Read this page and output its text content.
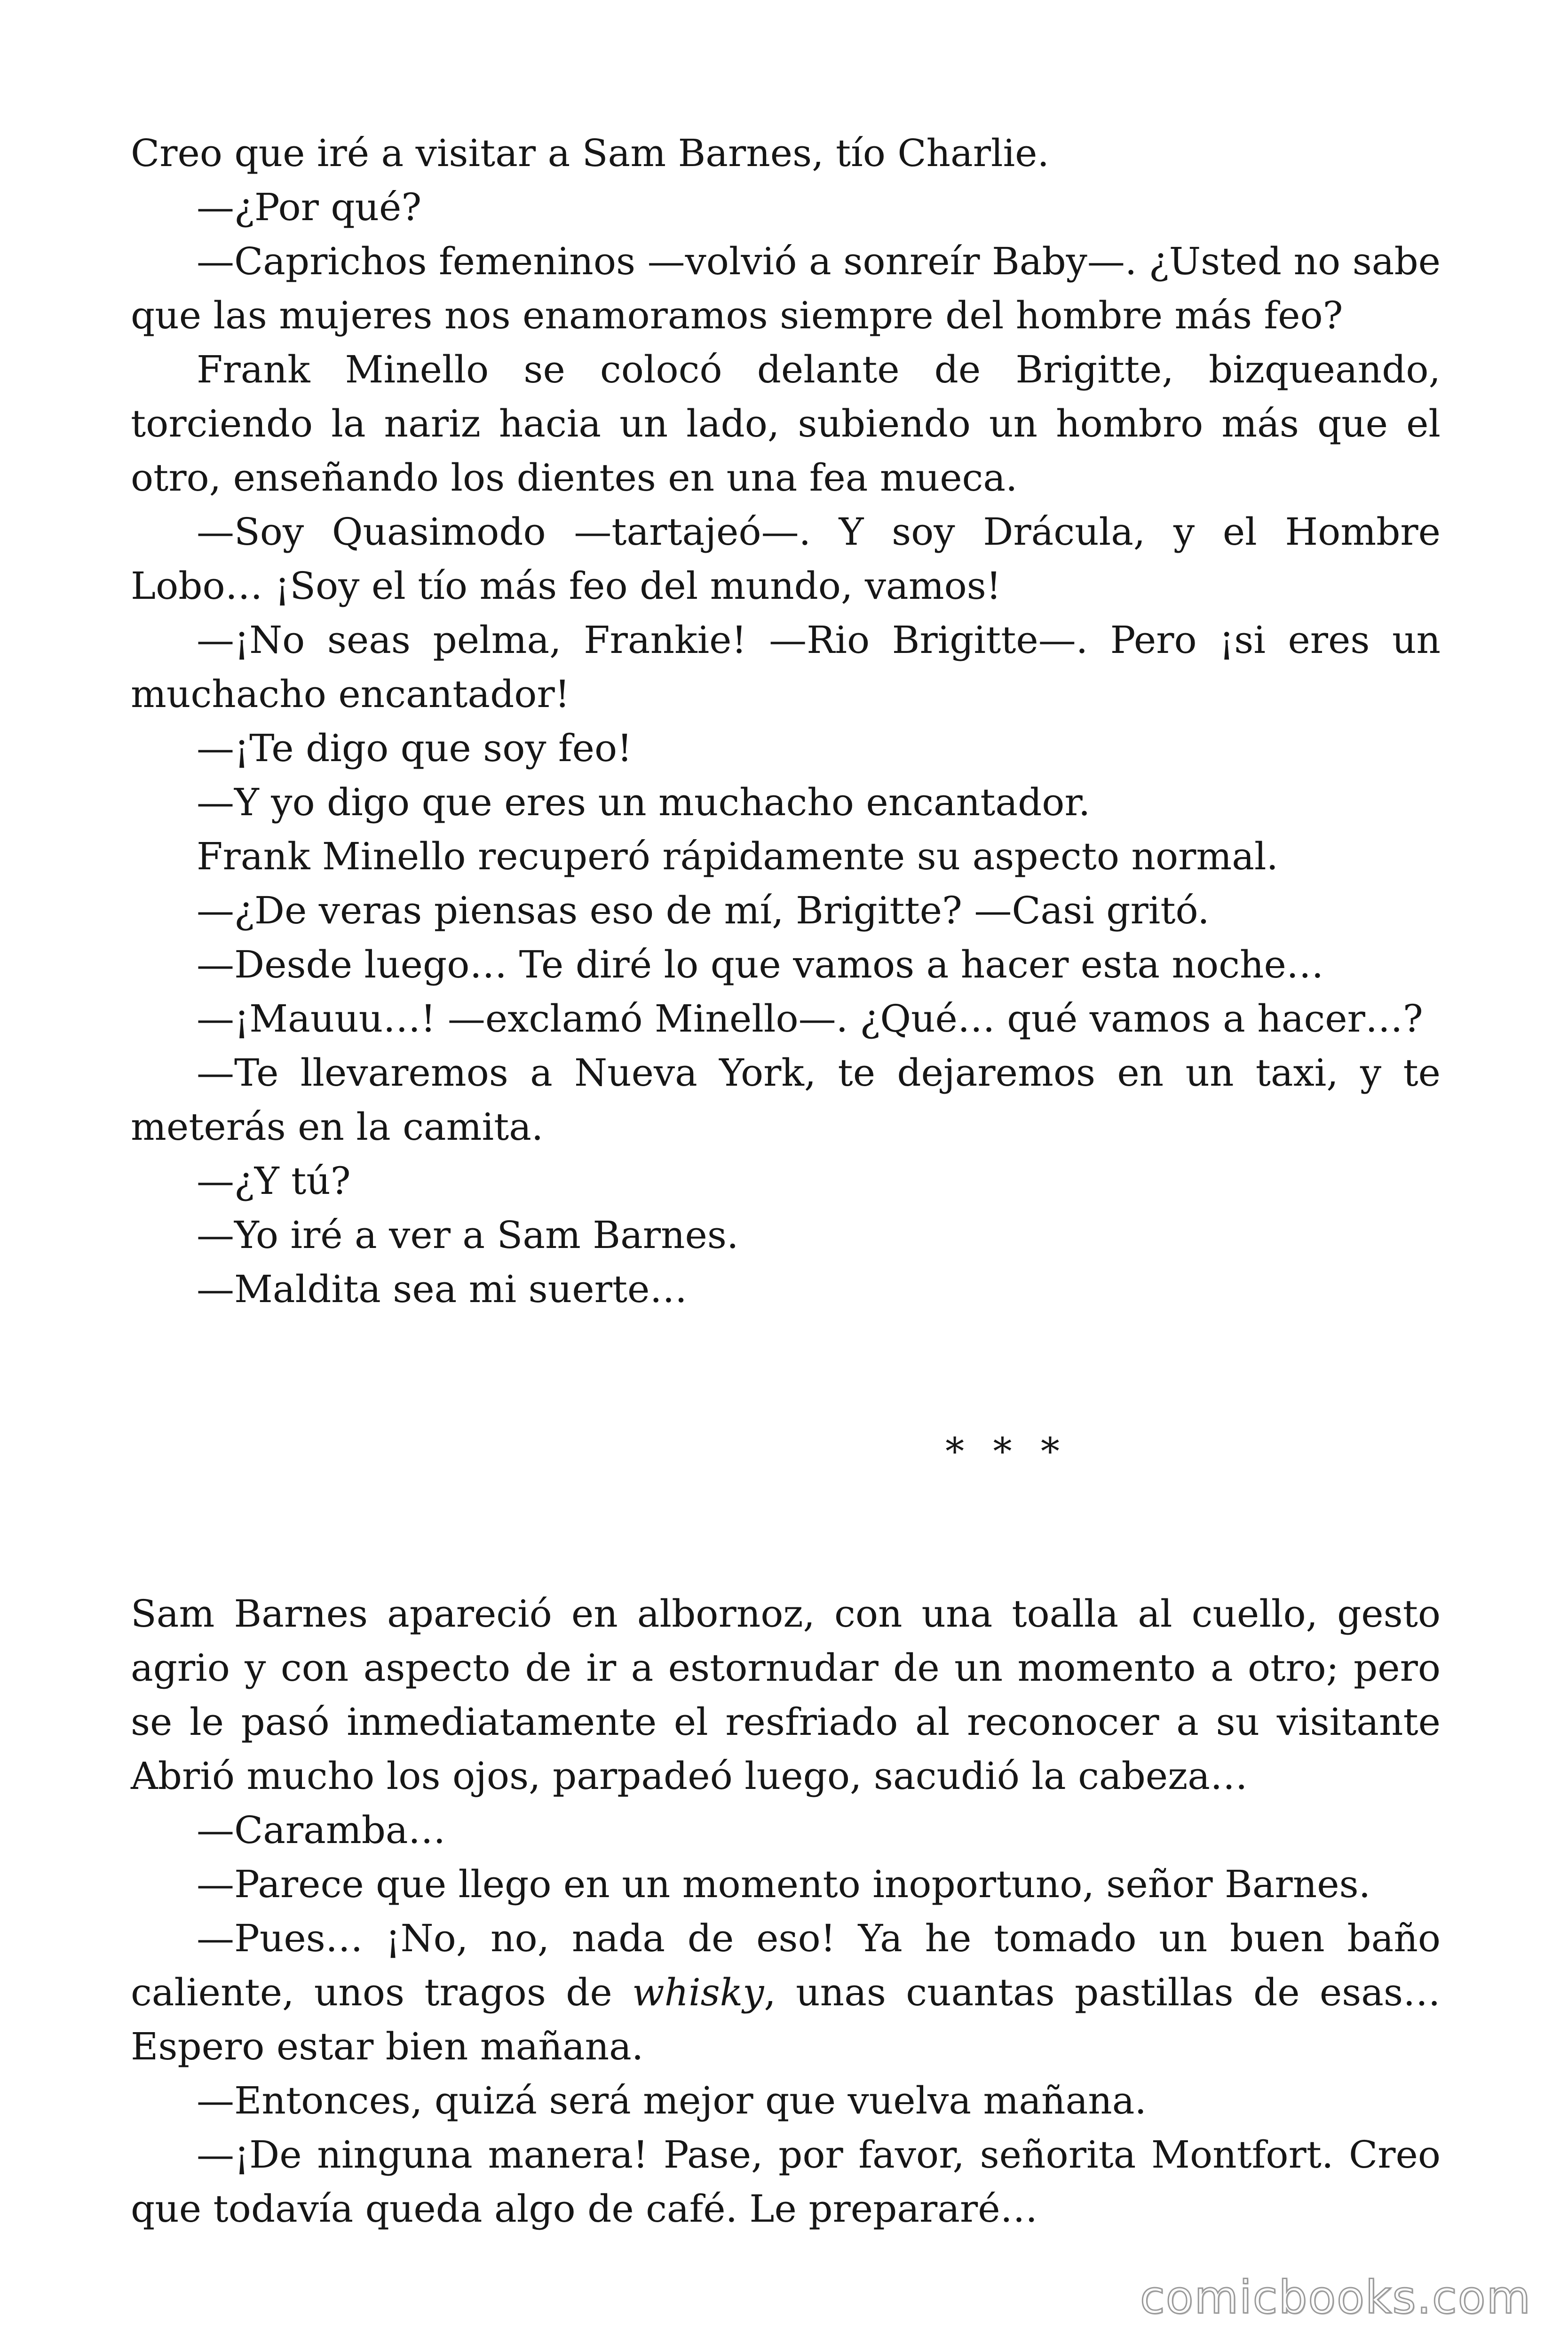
Creo que iré a visitar a Sam Barnes, tío Charlie.

—¿Por qué?

—Caprichos femeninos —volvió a sonreír Baby—. ¿Usted no sabe que las mujeres nos enamoramos siempre del hombre más feo?

Frank Minello se colocó delante de Brigitte, bizqueando, torciendo la nariz hacia un lado, subiendo un hombro más que el otro, enseñando los dientes en una fea mueca.

—Soy Quasimodo —tartajeó—. Y soy Drácula, y el Hombre Lobo… ¡Soy el tío más feo del mundo, vamos!

—¡No seas pelma, Frankie! —Rio Brigitte—. Pero ¡si eres un muchacho encantador!

—¡Te digo que soy feo!

—Y yo digo que eres un muchacho encantador.

Frank Minello recuperó rápidamente su aspecto normal.

—¿De veras piensas eso de mí, Brigitte? —Casi gritó.

—Desde luego… Te diré lo que vamos a hacer esta noche…

—¡Mauuu…! —exclamó Minello—. ¿Qué… qué vamos a hacer…?

—Te llevaremos a Nueva York, te dejaremos en un taxi, y te meterás en la camita.

—¿Y tú?

—Yo iré a ver a Sam Barnes.

—Maldita sea mi suerte…

* * *

Sam Barnes apareció en albornoz, con una toalla al cuello, gesto agrio y con aspecto de ir a estornudar de un momento a otro; pero se le pasó inmediatamente el resfriado al reconocer a su visitante Abrió mucho los ojos, parpadeó luego, sacudió la cabeza…

—Caramba…

—Parece que llego en un momento inoportuno, señor Barnes.

—Pues… ¡No, no, nada de eso! Ya he tomado un buen baño caliente, unos tragos de whisky, unas cuantas pastillas de esas… Espero estar bien mañana.

—Entonces, quizá será mejor que vuelva mañana.

—¡De ninguna manera! Pase, por favor, señorita Montfort. Creo que todavía queda algo de café. Le prepararé…

comicbooks.com
